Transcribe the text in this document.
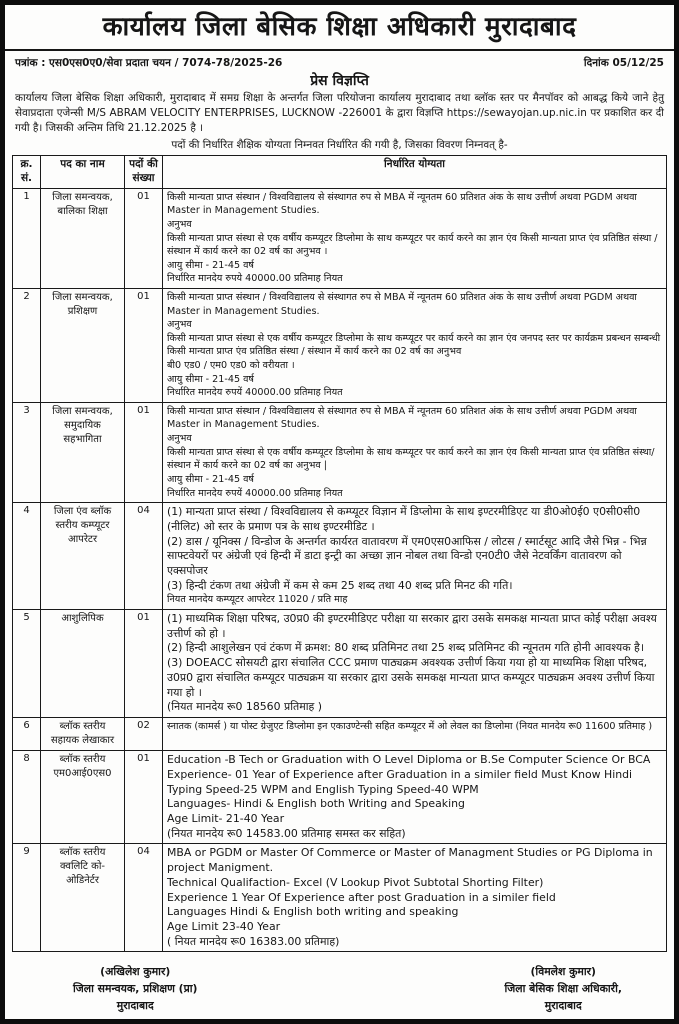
कार्यालय जिला बेसिक शिक्षा अधिकारी मुरादाबाद
पत्रांक : एस0एस0ए0/सेवा प्रदाता चयन / 7074-78/2025-26	दिनांक 05/12/25
प्रेस विज्ञप्ति

कार्यालय जिला बेसिक शिक्षा अधिकारी, मुरादाबाद में समग्र शिक्षा के अन्तर्गत जिला परियोजना कार्यालय मुरादाबाद तथा ब्लॉक स्तर पर मैनपॉवर को आबद्ध किये जाने हेतु सेवाप्रदाता एजेन्सी M/S ABRAM VELOCITY ENTERPRISES, LUCKNOW -226001 के द्वारा विज्ञप्ति https://sewayojan.up.nic.in पर प्रकाशित कर दी गयी है। जिसकी अन्तिम तिथि 21.12.2025 है ।

पदों की निर्धारित शैक्षिक योग्यता निम्नवत निर्धारित की गयी है, जिसका विवरण निम्नवत् है-
क्र. सं.	पद का नाम	पदों की संख्या	निर्धारित योग्यता
1	जिला समन्वयक, बालिका शिक्षा	01	किसी मान्यता प्राप्त संस्थान / विश्वविद्यालय से संस्थागत रुप से MBA में न्यूनतम 60 प्रतिशत अंक के साथ उत्तीर्ण अथवा PGDM अथवा Master in Management Studies.
अनुभव
किसी मान्यता प्राप्त संस्था से एक वर्षीय कम्प्यूटर डिप्लोमा के साथ कम्प्यूटर पर कार्य करने का ज्ञान एंव किसी मान्यता प्राप्त एंव प्रतिष्ठित संस्था / संस्थान में कार्य करने का 02 वर्ष का अनुभव ।
आयु सीमा - 21-45 वर्ष
निर्धारित मानदेय रुपये 40000.00 प्रतिमाह नियत

2	जिला समन्वयक, प्रशिक्षण	01	किसी मान्यता प्राप्त संस्थान / विश्वविद्यालय से संस्थागत रुप से MBA में न्यूनतम 60 प्रतिशत अंक के साथ उत्तीर्ण अथवा PGDM अथवा Master in Management Studies.
अनुभव
किसी मान्यता प्राप्त संस्था से एक वर्षीय कम्प्यूटर डिप्लोमा के साथ कम्प्यूटर पर कार्य करने का ज्ञान एंव जनपद स्तर पर कार्यक्रम प्रबन्धन सम्बन्धी किसी मान्यता प्राप्त एंव प्रतिष्ठित संस्था / संस्थान में कार्य करने का 02 वर्ष का अनुभव
बी0 एड0 / एम0 एड0 को वरीयता ।
आयु सीमा - 21-45 वर्ष
निर्धारित मानदेय रुपयें 40000.00 प्रतिमाह नियत

3	जिला समन्वयक, समुदायिक सहभागिता	01	किसी मान्यता प्राप्त संस्थान / विश्वविद्यालय से संस्थागत रुप से MBA में न्यूनतम 60 प्रतिशत अंक के साथ उत्तीर्ण अथवा PGDM अथवा Master in Management Studies.
अनुभव
किसी मान्यता प्राप्त संस्था से एक वर्षीय कम्प्यूटर डिप्लोमा के साथ कम्प्यूटर पर कार्य करने का ज्ञान एंव किसी मान्यता प्राप्त एंव प्रतिष्ठित संस्था/संस्थान में कार्य करने का 02 वर्ष का अनुभव |
आयु सीमा - 21-45 वर्ष
निर्धारित मानदेय रुपयें 40000.00 प्रतिमाह नियत

4	जिला एंव ब्लॉक स्तरीय कम्प्यूटर आपरेटर	04	(1) मान्यता प्राप्त संस्था / विश्वविद्यालय से कम्प्यूटर विज्ञान में डिप्लोमा के साथ इण्टरमीडिएट या डी0ओ0ई0 ए0सी0सी0 (नीलिट) ओ स्तर के प्रमाण पत्र के साथ इण्टरमीडिट ।
(2) डास / यूनिक्स / विन्डोज के अन्तर्गत कार्यरत वातावरण में एम0एस0आफिस / लोटस / स्मार्टसूट आदि जैसे भिन्न - भिन्न साफ्टवेयरों पर अंग्रेजी एवं हिन्दी में डाटा इन्ट्री का अच्छा ज्ञान नोबल तथा विन्डो एन0टी0 जैसे नेटवर्किंग वातावरण को एक्सपोजर
(3) हिन्दी टंकण तथा अंग्रेजी में कम से कम 25 शब्द तथा 40 शब्द प्रति मिनट की गति।
नियत मानदेय कम्प्यूटर आपरेटर 11020 / प्रति माह

5	आशुलिपिक	01	(1) माध्यमिक शिक्षा परिषद, उ0प्र0 की इण्टरमीडिएट परीक्षा या सरकार द्वारा उसके समकक्ष मान्यता प्राप्त कोई परीक्षा अवश्य उत्तीर्ण को हो ।
(2) हिन्दी आशुलेखन एवं टंकण में क्रमश: 80 शब्द प्रतिमिनट तथा 25 शब्द प्रतिमिनट की न्यूनतम गति होनी आवश्यक है।
(3) DOEACC सोसयटी द्वारा संचालित CCC प्रमाण पाठ्यक्रम अवश्यक उत्तीर्ण किया गया हो या माध्यमिक शिक्षा परिषद, उ0प्र0 द्वारा संचालित कम्प्यूटर पाठ्यक्रम या सरकार द्वारा उसके समकक्ष मान्यता प्राप्त कम्प्यूटर पाठ्यक्रम अवश्य उत्तीर्ण किया गया हो ।
(नियत मानदेय रू0 18560 प्रतिमाह )

6	ब्लॉक स्तरीय सहायक लेखाकार	02	स्नातक (कामर्स ) या पोस्ट ग्रेजुएट डिप्लोमा इन एकाउण्टेन्सी सहित कम्प्यूटर में ओ लेवल का डिप्लोमा (नियत मानदेय रू0 11600 प्रतिमाह )

8	ब्लॉक स्तरीय एम0आई0एस0	01	Education -B Tech or Graduation with O Level Diploma or B.Se Computer Science Or BCA
Experience- 01 Year of Experience after Graduation in a similer field Must Know Hindi Typing Speed-25 WPM and English Typing Speed-40 WPM
Languages- Hindi & English both Writing and Speaking
Age Limit- 21-40 Year
(नियत मानदेय रू0 14583.00 प्रतिमाह समस्त कर सहित)

9	ब्लॉक स्तरीय क्वलिटि को-ओडिनेर्टर	04	MBA or PGDM or Master Of Commerce or Master of Managment Studies or PG Diploma in project Manigment.
Technical Qualifaction- Excel (V Lookup Pivot Subtotal Shorting Filter)
Experience 1 Year Of Experience after post Graduation in a similer field
Languages Hindi & English both writing and speaking
Age Limit 23-40 Year
( नियत मानदेय रू0 16383.00 प्रतिमाह)
(अखिलेश कुमार)
जिला समन्वयक, प्रशिक्षण (प्रा)
मुरादाबाद
(विमलेश कुमार)
जिला बेसिक शिक्षा अधिकारी,
मुरादाबाद
